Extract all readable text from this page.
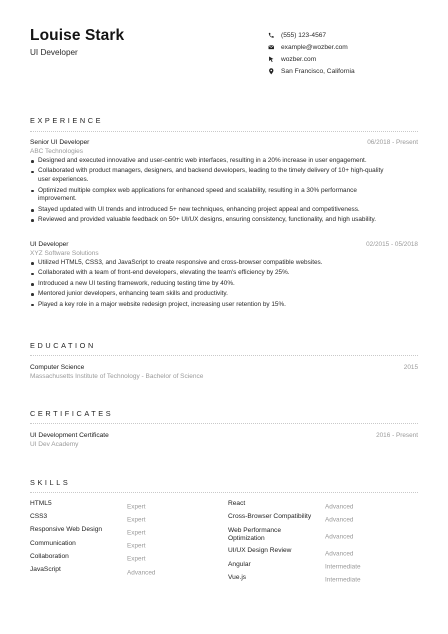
Louise Stark
UI Developer
(555) 123-4567
example@wozber.com
wozber.com
San Francisco, California
EXPERIENCE
Senior UI Developer	06/2018 - Present
ABC Technologies
Designed and executed innovative and user-centric web interfaces, resulting in a 20% increase in user engagement.
Collaborated with product managers, designers, and backend developers, leading to the timely delivery of 10+ high-quality user experiences.
Optimized multiple complex web applications for enhanced speed and scalability, resulting in a 30% performance improvement.
Stayed updated with UI trends and introduced 5+ new techniques, enhancing project appeal and competitiveness.
Reviewed and provided valuable feedback on 50+ UI/UX designs, ensuring consistency, functionality, and high usability.
UI Developer	02/2015 - 05/2018
XYZ Software Solutions
Utilized HTML5, CSS3, and JavaScript to create responsive and cross-browser compatible websites.
Collaborated with a team of front-end developers, elevating the team's efficiency by 25%.
Introduced a new UI testing framework, reducing testing time by 40%.
Mentored junior developers, enhancing team skills and productivity.
Played a key role in a major website redesign project, increasing user retention by 15%.
EDUCATION
Computer Science	2015
Massachusetts Institute of Technology - Bachelor of Science
CERTIFICATES
UI Development Certificate	2016 - Present
UI Dev Academy
SKILLS
HTML5	Expert
CSS3	Expert
Responsive Web Design	Expert
Communication	Expert
Collaboration	Expert
JavaScript	Advanced
React	Advanced
Cross-Browser Compatibility	Advanced
Web Performance Optimization	Advanced
UI/UX Design Review	Advanced
Angular	Intermediate
Vue.js	Intermediate
